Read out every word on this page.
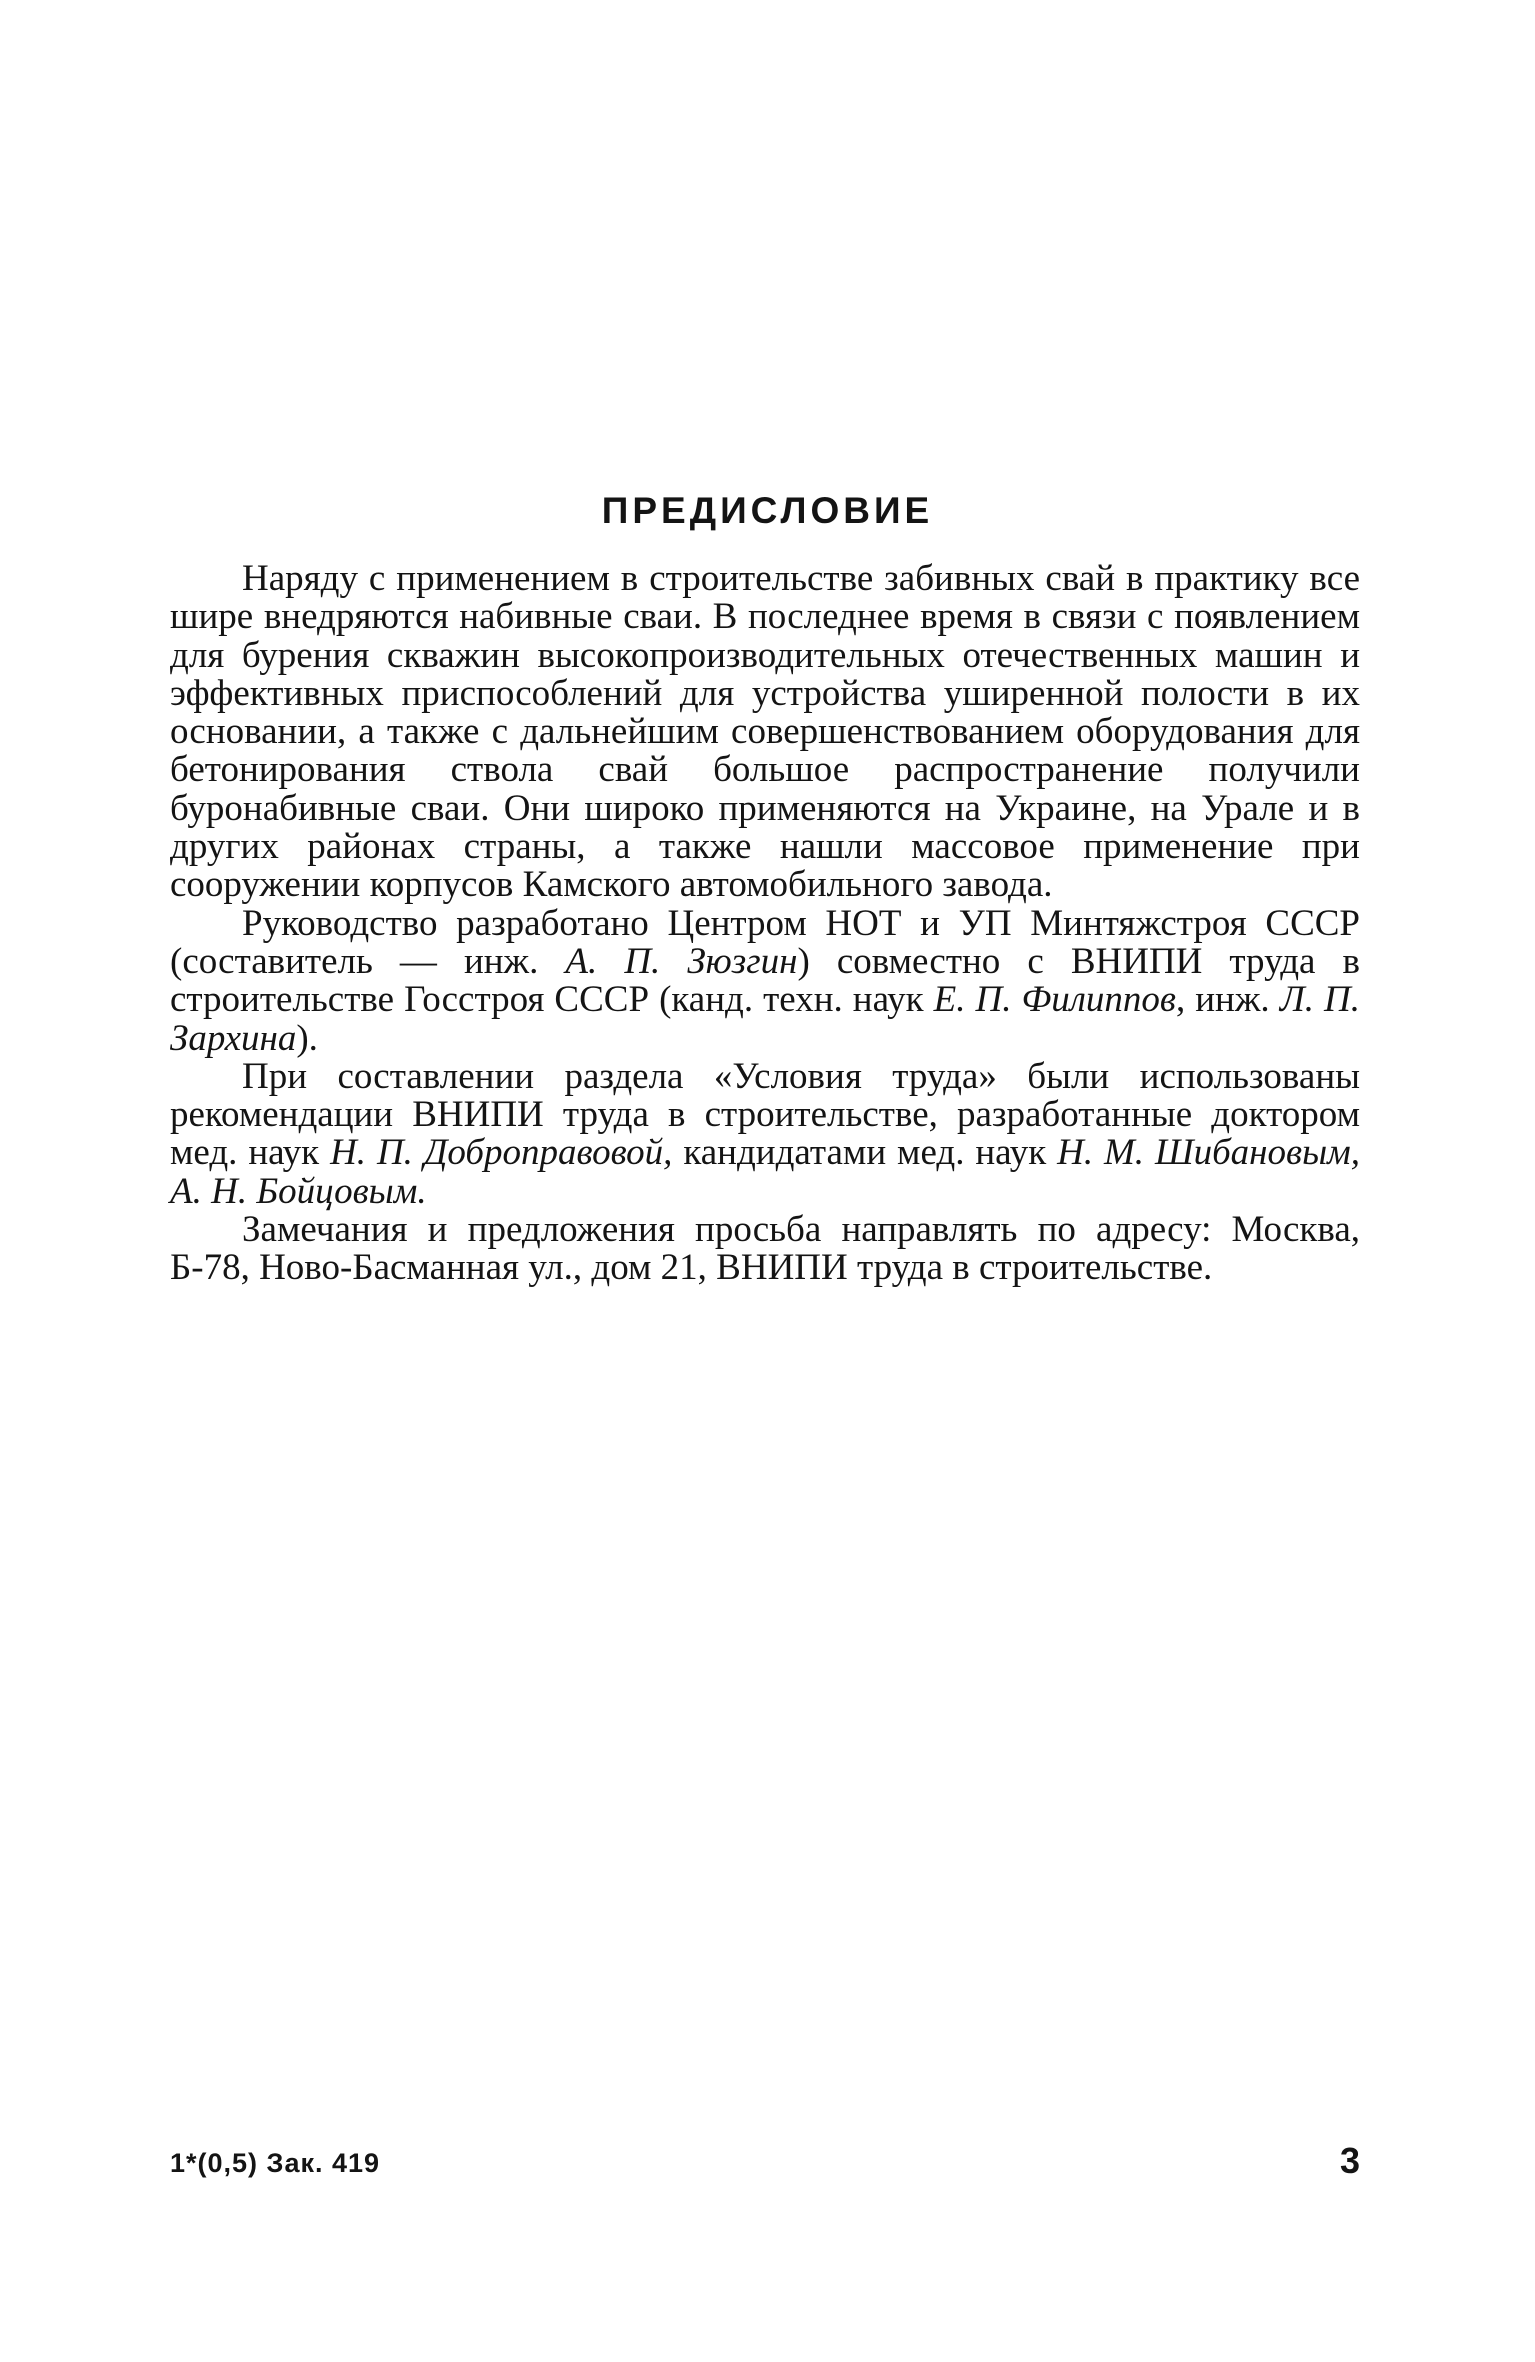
ПРЕДИСЛОВИЕ

Наряду с применением в строительстве забивных свай в практику все шире внедряются набивные сваи. В последнее время в связи с появлением для бурения скважин высокопроизводительных отечественных машин и эффективных приспособлений для устройства уширенной полости в их основании, а также с дальнейшим совершенствованием оборудования для бетонирования ствола свай большое распространение получили буронабивные сваи. Они широко применяются на Украине, на Урале и в других районах страны, а также нашли массовое применение при сооружении корпусов Камского автомобильного завода.

Руководство разработано Центром НОТ и УП Минтяжстроя СССР (составитель — инж. А. П. Зюзгин) совместно с ВНИПИ труда в строительстве Госстроя СССР (канд. техн. наук Е. П. Филиппов, инж. Л. П. Зархина).

При составлении раздела «Условия труда» были использованы рекомендации ВНИПИ труда в строительстве, разработанные доктором мед. наук Н. П. Доброправовой, кандидатами мед. наук Н. М. Шибановым, А. Н. Бойцовым.

Замечания и предложения просьба направлять по адресу: Москва, Б-78, Ново-Басманная ул., дом 21, ВНИПИ труда в строительстве.

1*(0,5) Зак. 419	3
